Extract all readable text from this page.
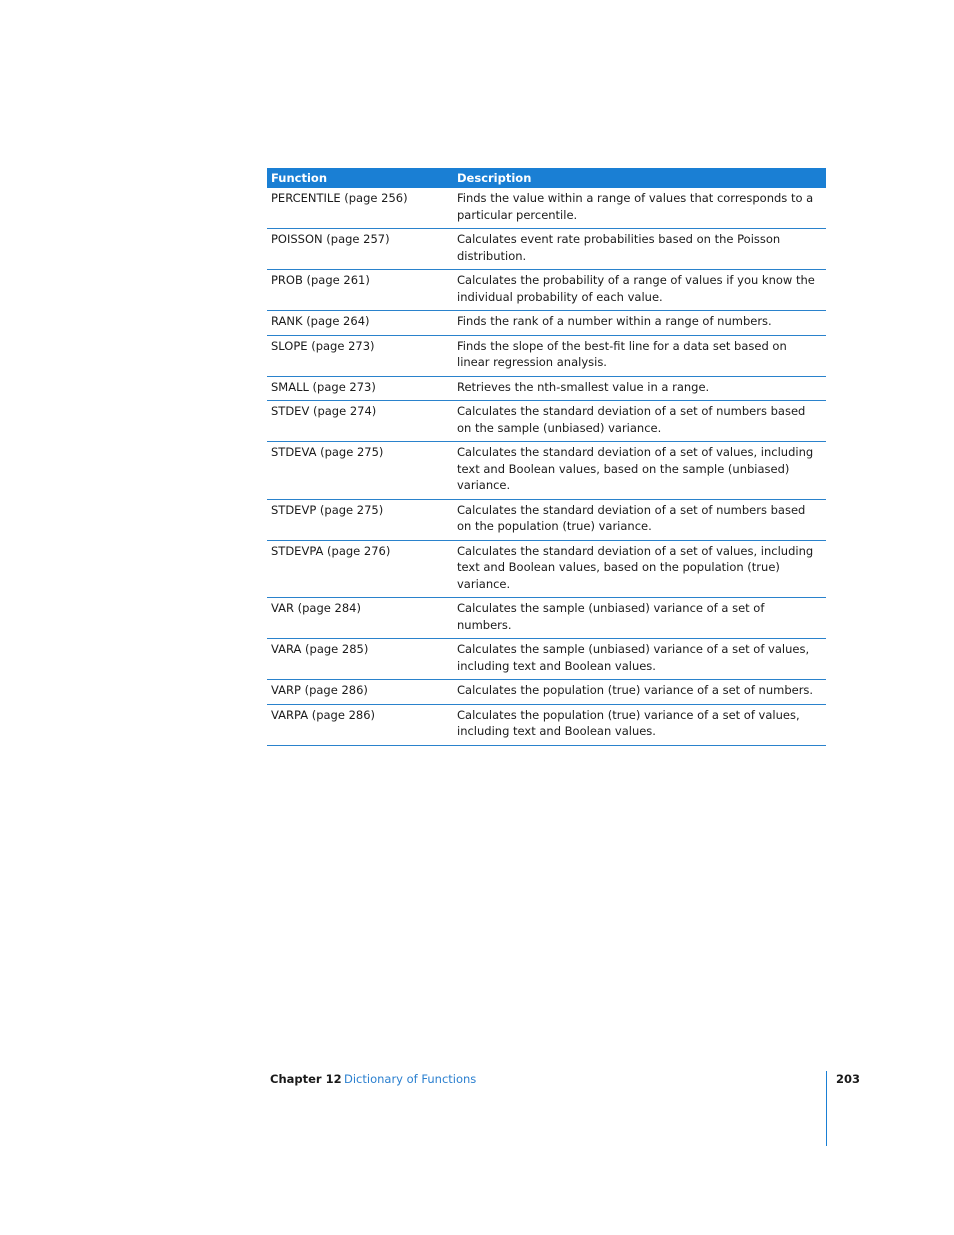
Function	Description
PERCENTILE (page 256)	Finds the value within a range of values that corresponds to a particular percentile.
POISSON (page 257)	Calculates event rate probabilities based on the Poisson distribution.
PROB (page 261)	Calculates the probability of a range of values if you know the individual probability of each value.
RANK (page 264)	Finds the rank of a number within a range of numbers.
SLOPE (page 273)	Finds the slope of the best-fit line for a data set based on linear regression analysis.
SMALL (page 273)	Retrieves the nth-smallest value in a range.
STDEV (page 274)	Calculates the standard deviation of a set of numbers based on the sample (unbiased) variance.
STDEVA (page 275)	Calculates the standard deviation of a set of values, including text and Boolean values, based on the sample (unbiased) variance.
STDEVP (page 275)	Calculates the standard deviation of a set of numbers based on the population (true) variance.
STDEVPA (page 276)	Calculates the standard deviation of a set of values, including text and Boolean values, based on the population (true) variance.
VAR (page 284)	Calculates the sample (unbiased) variance of a set of numbers.
VARA (page 285)	Calculates the sample (unbiased) variance of a set of values, including text and Boolean values.
VARP (page 286)	Calculates the population (true) variance of a set of numbers.
VARPA (page 286)	Calculates the population (true) variance of a set of values, including text and Boolean values.
Chapter 12 Dictionary of Functions	203
